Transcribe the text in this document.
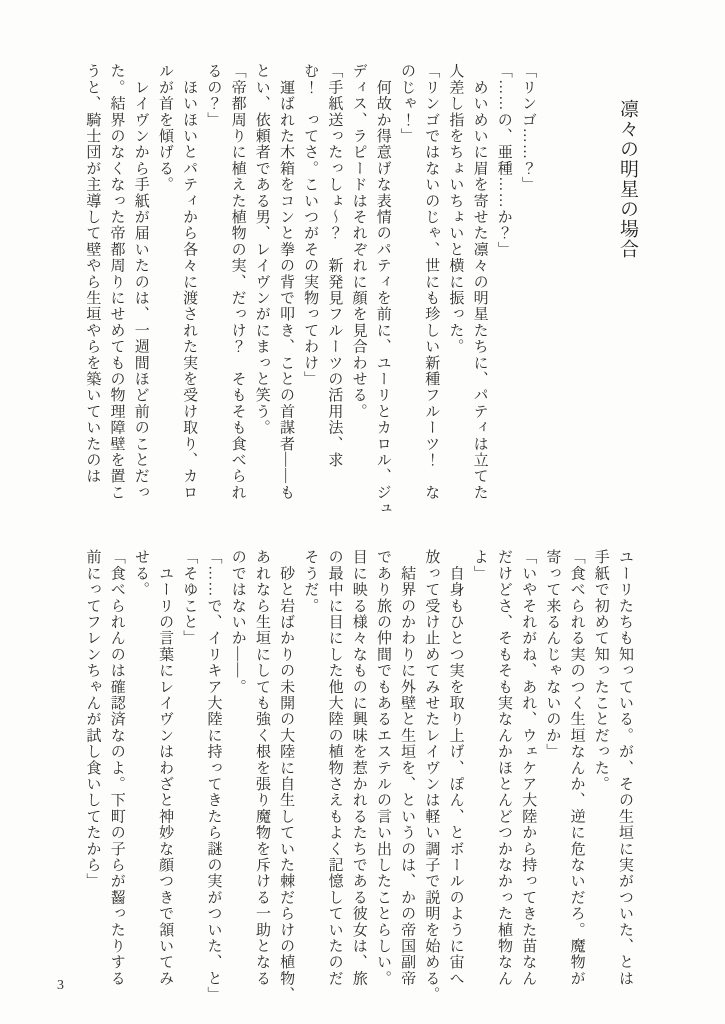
凛々の明星の場合
「リンゴ……？」
「……の、亜種……か？」
　めいめいに眉を寄せた凛々の明星たちに、パティは立てた
人差し指をちょいちょいと横に振った。
「リンゴではないのじゃ、世にも珍しい新種フルーツ！　な
のじゃ！」
　何故か得意げな表情のパティを前に、ユーリとカロル、ジュ
ディス、ラピードはそれぞれに顔を見合わせる。
「手紙送ったっしょ～？　新発見フルーツの活用法、求
む！　ってさ。こいつがその実物ってわけ」
　運ばれた木箱をコンと拳の背で叩き、ことの首謀者——も
とい、依頼者である男、レイヴンがにまっと笑う。
「帝都周りに植えた植物の実、だっけ？　そもそも食べられ
るの？」
　ほいほいとパティから各々に渡された実を受け取り、カロ
ルが首を傾げる。
　レイヴンから手紙が届いたのは、一週間ほど前のことだっ
た。結界のなくなった帝都周りにせめてもの物理障壁を置こ
うと、騎士団が主導して壁やら生垣やらを築いていたのは
ユーリたちも知っている。が、その生垣に実がついた、とは
手紙で初めて知ったことだった。
「食べられる実のつく生垣なんか、逆に危ないだろ。魔物が
寄って来るんじゃないのか」
「いやそれがね、あれ、ウェケア大陸から持ってきた苗なん
だけどさ、そもそも実なんかほとんどつかなかった植物なん
よ」
　自身もひとつ実を取り上げ、ぽん、とボールのように宙へ
放って受け止めてみせたレイヴンは軽い調子で説明を始める。
　結界のかわりに外壁と生垣を、というのは、かの帝国副帝
であり旅の仲間でもあるエステルの言い出したことらしい。
目に映る様々なものに興味を惹かれるたちである彼女は、旅
の最中に目にした他大陸の植物さえもよく記憶していたのだ
そうだ。
　砂と岩ばかりの未開の大陸に自生していた棘だらけの植物、
あれなら生垣にしても強く根を張り魔物を斥ける一助となる
のではないか——。
「……で、イリキア大陸に持ってきたら謎の実がついた、と」
「そゆこと」
　ユーリの言葉にレイヴンはわざと神妙な顔つきで頷いてみ
せる。
「食べられんのは確認済なのよ。下町の子らが齧ったりする
前にってフレンちゃんが試し食いしてたから」
3
